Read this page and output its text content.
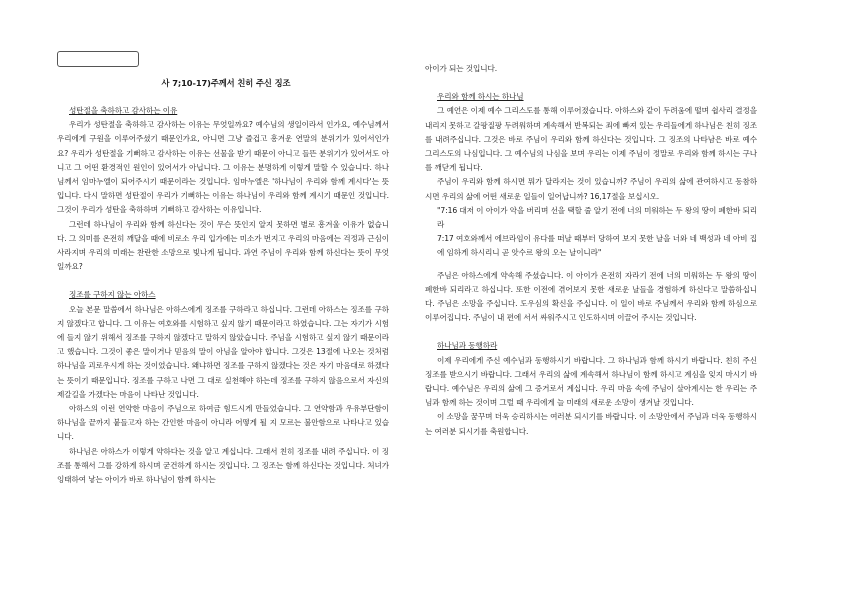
사 7;10-17)주께서 친히 주신 징조
성탄절을 축하하고 감사하는 이유

우리가 성탄절을 축하하고 감사하는 이유는 무엇일까요? 예수님의 생일이라서 인가요, 예수님께서 우리에게 구원을 이루어주셨기 때문인가요, 아니면 그냥 즐겁고 흥겨운 연말의 분위기가 있어서인가요? 우리가 성탄절을 기뻐하고 감사하는 이유는 선물을 받기 때문이 아니고 들뜬 분위기가 있어서도 아니고 그 어떤 환경적인 원인이 있어서가 아닙니다. 그 이유는 분명하게 이렇게 말할 수 있습니다. 하나님께서 임마누엘이 되어주시기 때문이라는 것입니다. 임마누엘은 '하나님이 우리와 함께 계시다'는 뜻입니다. 다시 말하면 성탄절이 우리가 기뻐하는 이유는 하나님이 우리와 함께 계시기 때문인 것입니다. 그것이 우리가 성탄을 축하하며 기뻐하고 감사하는 이유입니다.

그런데 하나님이 우리와 함께 하신다는 것이 무슨 뜻인지 알지 못하면 별로 흥겨울 이유가 없습니다. 그 의미를 온전히 깨달을 때에 비로소 우리 입가에는 미소가 번지고 우리의 마음에는 걱정과 근심이 사라지며 우리의 미래는 찬란한 소망으로 빛나게 됩니다. 과연 주님이 우리와 함께 하신다는 뜻이 무엇일까요?

징조를 구하지 않는 아하스

오늘 본문 말씀에서 하나님은 아하스에게 징조를 구하라고 하십니다. 그런데 아하스는 징조를 구하지 않겠다고 합니다. 그 이유는 여호와를 시험하고 싶지 않기 때문이라고 하였습니다. 그는 자기가 시험에 들지 않기 위해서 징조를 구하지 않겠다고 말하지 않았습니다. 주님을 시험하고 싶지 않기 때문이라고 했습니다. 그것이 좋은 말이거나 믿음의 말이 아님을 알아야 합니다. 그것은 13절에 나오는 것처럼 하나님을 괴로우시게 하는 것이었습니다. 왜냐하면 징조를 구하지 않겠다는 것은 자기 마음대로 하겠다는 뜻이기 때문입니다. 징조를 구하고 나면 그 대로 실천해야 하는데 징조를 구하지 않음으로서 자신의 제갈길을 가겠다는 마음이 나타난 것입니다.

아하스의 이런 연약한 마음이 주님으로 하여금 힘드시게 만들었습니다. 그 연약함과 우유부단함이 하나님을 끝까지 붙들고자 하는 간인한 마음이 아니라 어떻게 될 지 모르는 불안함으로 나타나고 있습니다.

하나님은 아하스가 이렇게 약하다는 것을 알고 계십니다. 그래서 친히 징조를 내려 주십니다. 이 징조를 통해서 그를 강하게 하시며 굳건하게 하시는 것입니다. 그 징조는 함께 하신다는 것입니다. 처녀가 잉태하여 낳는 아이가 바로 하나님이 함께 하시는

아이가 되는 것입니다.

우리와 함께 하시는 하나님

그 예언은 이제 예수 그리스도를 통해 이루어졌습니다. 아하스와 같이 두려움에 떨며 쉽사리 결정을 내리지 못하고 갈팡질팡 두려워하며 계속해서 반복되는 죄에 빠져 있는 우리들에게 하나님은 친히 징조를 내려주십니다. 그것은 바로 주님이 우리와 함께 하신다는 것입니다. 그 징조의 나타남은 바로 예수 그리스도의 나심입니다. 그 예수님의 나심을 보며 우리는 이제 주님이 정말로 우리와 함께 하시는 구나를 깨닫게 됩니다.

주님이 우리와 함께 하시면 뭐가 달라지는 것이 있습니까? 주님이 우리의 삶에 관여하시고 동참하시면 우리의 삶에 어떤 새로운 일들이 일어납니까? 16,17절을 보십시오.

"7:16 대저 이 아이가 악을 버리며 선을 택할 줄 알기 전에 너의 미워하는 두 왕의 땅이 폐한바 되리라

7:17 여호와께서 에브라임이 유다를 떠날 때부터 당하여 보지 못한 날을 너와 네 백성과 네 아비 집에 임하게 하시리니 곧 앗수르 왕의 오는 날이니라"

주님은 아하스에게 약속해 주셨습니다. 이 아이가 온전히 자라기 전에 너의 미워하는 두 왕의 땅이 폐한바 되리라고 하십니다. 또한 이전에 겪어보지 못한 새로운 날들을 경험하게 하신다고 말씀하십니다. 주님은 소망을 주십니다. 도우심의 확신을 주십니다. 이 일이 바로 주님께서 우리와 함께 하심으로 이루어집니다. 주님이 내 편에 서서 싸워주시고 인도하시며 이끌어 주시는 것입니다.

하나님과 동행하라

이제 우리에게 주신 예수님과 동행하시기 바랍니다. 그 하나님과 함께 하시기 바랍니다. 친히 주신 징조를 받으시기 바랍니다. 그래서 우리의 삶에 계속해서 하나님이 함께 하시고 계심을 잊지 마시기 바랍니다. 예수님은 우리의 삶에 그 증거로서 계십니다. 우리 마음 속에 주님이 살아계시는 한 우리는 주님과 함께 하는 것이며 그럴 때 우리에게 늘 미래의 새로운 소망이 생겨날 것입니다.

이 소망을 꿈꾸며 더욱 승리하시는 여러분 되시기를 바랍니다. 이 소망안에서 주님과 더욱 동행하시는 여러분 되시기를 축원합니다.
